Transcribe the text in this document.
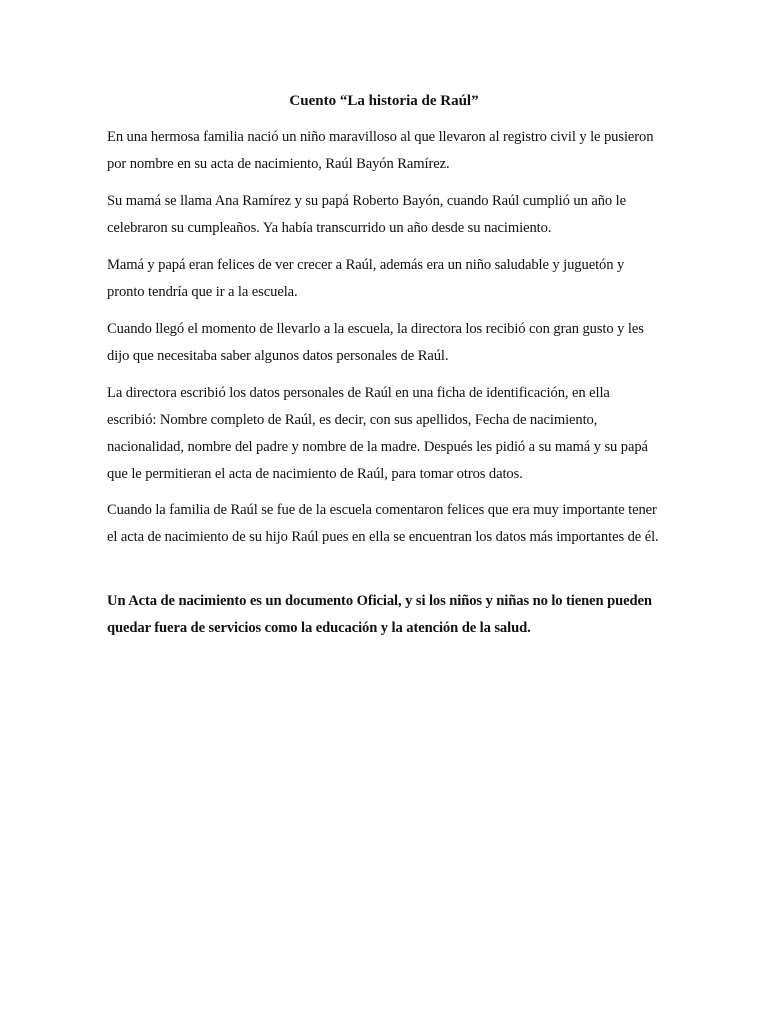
Cuento “La historia de Raúl”

En una hermosa familia nació un niño maravilloso al que llevaron al registro civil y le pusieron por nombre en su acta de nacimiento, Raúl Bayón Ramírez.

Su mamá se llama Ana Ramírez y su papá Roberto Bayón, cuando Raúl cumplió un año le celebraron su cumpleaños. Ya había transcurrido un año desde su nacimiento.

Mamá y papá eran felices de ver crecer a Raúl, además era un niño saludable y juguetón y pronto tendría que ir a la escuela.

Cuando llegó el momento de llevarlo a la escuela, la directora los recibió con gran gusto y les dijo que necesitaba saber algunos datos personales de Raúl.

La directora escribió los datos personales de Raúl en una ficha de identificación, en ella escribió: Nombre completo de Raúl, es decir, con sus apellidos, Fecha de nacimiento, nacionalidad, nombre del padre y nombre de la madre. Después les pidió a su mamá y su papá que le permitieran el acta de nacimiento de Raúl, para tomar otros datos.

Cuando la familia de Raúl se fue de la escuela comentaron felices que era muy importante tener el acta de nacimiento de su hijo Raúl pues en ella se encuentran los datos más importantes de él.

Un Acta de nacimiento es un documento Oficial, y si los niños y niñas no lo tienen pueden quedar fuera de servicios como la educación y la atención de la salud.
